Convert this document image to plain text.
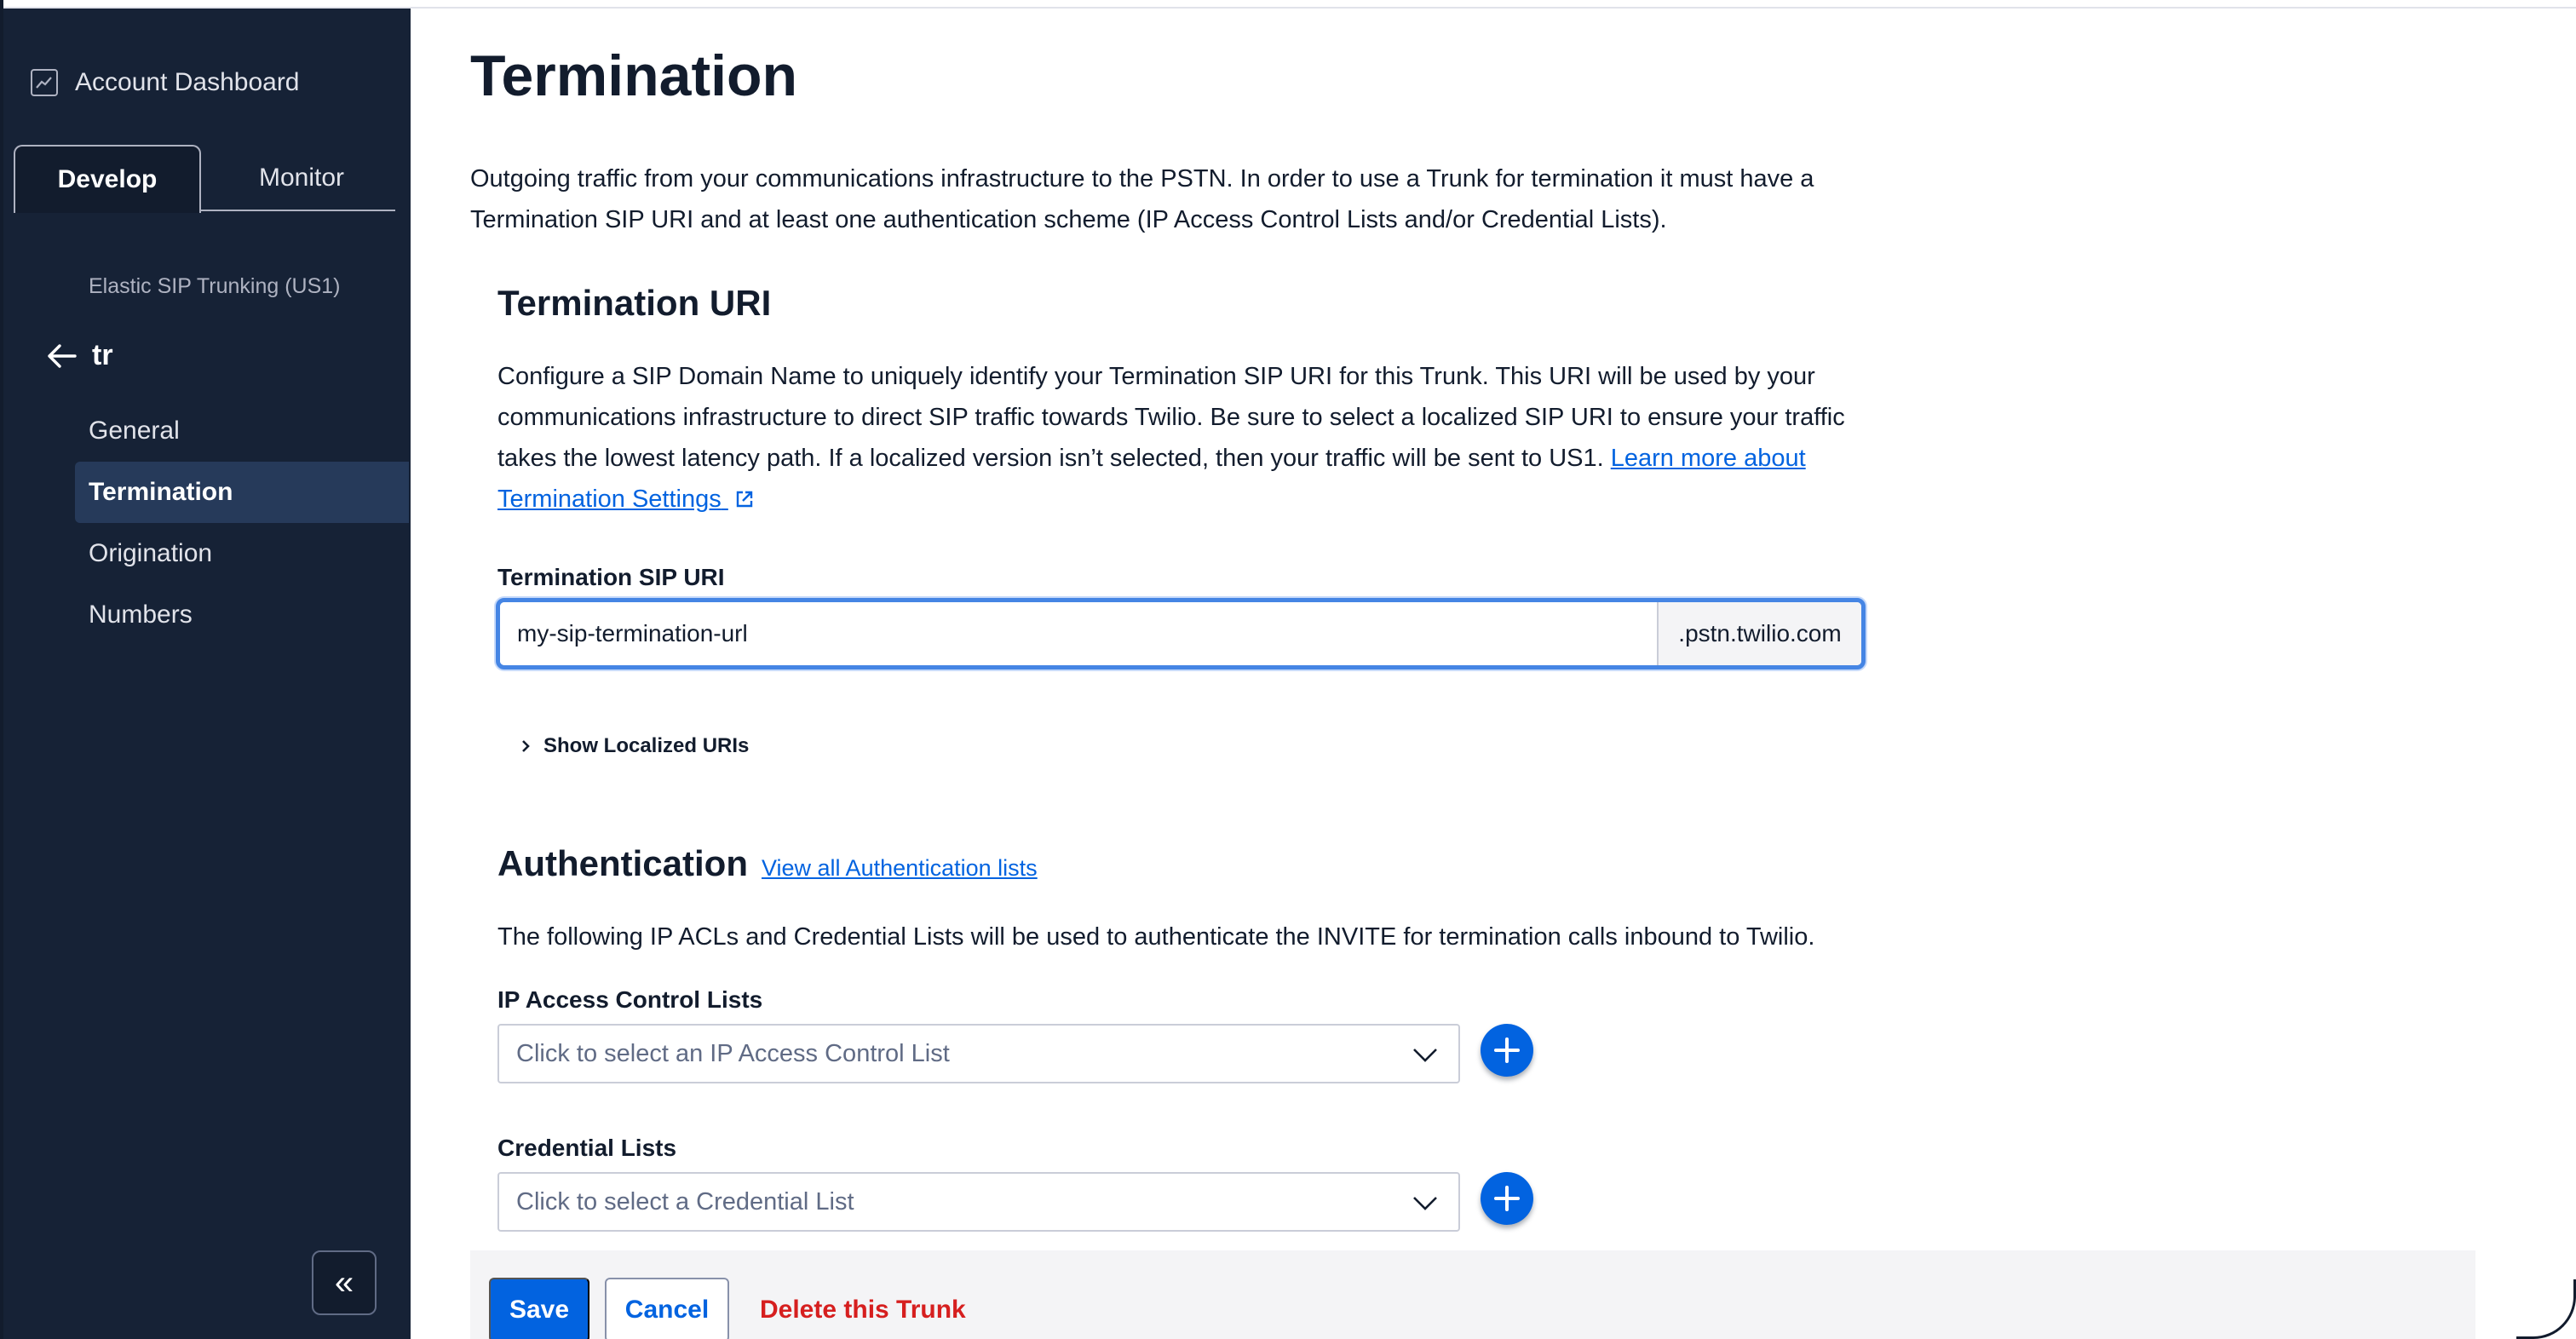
Account Dashboard
Develop	Monitor
Elastic SIP Trunking (US1)
tr
General
Termination
Origination
Numbers
«
Termination

Outgoing traffic from your communications infrastructure to the PSTN. In order to use a Trunk for termination it must have a Termination SIP URI and at least one authentication scheme (IP Access Control Lists and/or Credential Lists).

Termination URI

Configure a SIP Domain Name to uniquely identify your Termination SIP URI for this Trunk. This URI will be used by your communications infrastructure to direct SIP traffic towards Twilio. Be sure to select a localized SIP URI to ensure your traffic takes the lowest latency path. If a localized version isn’t selected, then your traffic will be sent to US1. Learn more about Termination Settings

Termination SIP URI
my-sip-termination-url
.pstn.twilio.com
Show Localized URIs
Authentication View all Authentication lists

The following IP ACLs and Credential Lists will be used to authenticate the INVITE for termination calls inbound to Twilio.

IP Access Control Lists
Click to select an IP Access Control List
Credential Lists
Click to select a Credential List
Save	Cancel	Delete this Trunk
